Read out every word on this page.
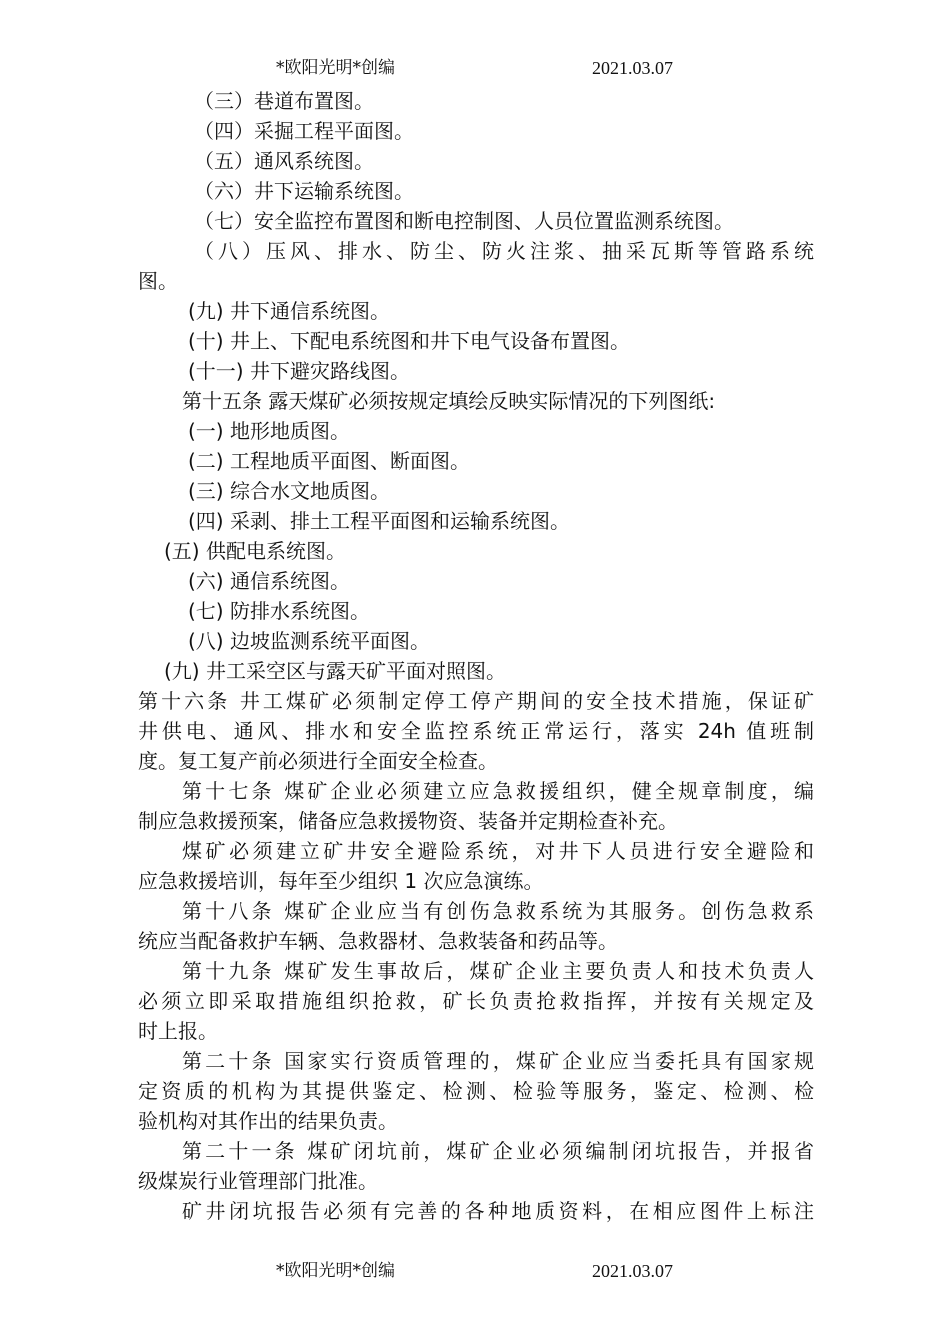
*欧阳光明*创编	2021.03.07
（三）巷道布置图。
（四）采掘工程平面图。
（五）通风系统图。
（六）井下运输系统图。
（七）安全监控布置图和断电控制图、人员位置监测系统图。
（八）压风、排水、防尘、防火注浆、抽采瓦斯等管路系统
图。
(九) 井下通信系统图。
(十) 井上、下配电系统图和井下电气设备布置图。
(十一) 井下避灾路线图。
第十五条 露天煤矿必须按规定填绘反映实际情况的下列图纸:
(一) 地形地质图。
(二) 工程地质平面图、断面图。
(三) 综合水文地质图。
(四) 采剥、排土工程平面图和运输系统图。
(五) 供配电系统图。
(六) 通信系统图。
(七) 防排水系统图。
(八) 边坡监测系统平面图。
(九) 井工采空区与露天矿平面对照图。
第十六条 井工煤矿必须制定停工停产期间的安全技术措施，保证矿
井供电、通风、排水和安全监控系统正常运行，落实 24h 值班制
度。复工复产前必须进行全面安全检查。
第十七条 煤矿企业必须建立应急救援组织，健全规章制度，编
制应急救援预案，储备应急救援物资、装备并定期检查补充。
煤矿必须建立矿井安全避险系统，对井下人员进行安全避险和
应急救援培训，每年至少组织 1 次应急演练。
第十八条 煤矿企业应当有创伤急救系统为其服务。创伤急救系
统应当配备救护车辆、急救器材、急救装备和药品等。
第十九条 煤矿发生事故后，煤矿企业主要负责人和技术负责人
必须立即采取措施组织抢救，矿长负责抢救指挥，并按有关规定及
时上报。
第二十条 国家实行资质管理的，煤矿企业应当委托具有国家规
定资质的机构为其提供鉴定、检测、检验等服务，鉴定、检测、检
验机构对其作出的结果负责。
第二十一条 煤矿闭坑前，煤矿企业必须编制闭坑报告，并报省
级煤炭行业管理部门批准。
矿井闭坑报告必须有完善的各种地质资料，在相应图件上标注
*欧阳光明*创编	2021.03.07
